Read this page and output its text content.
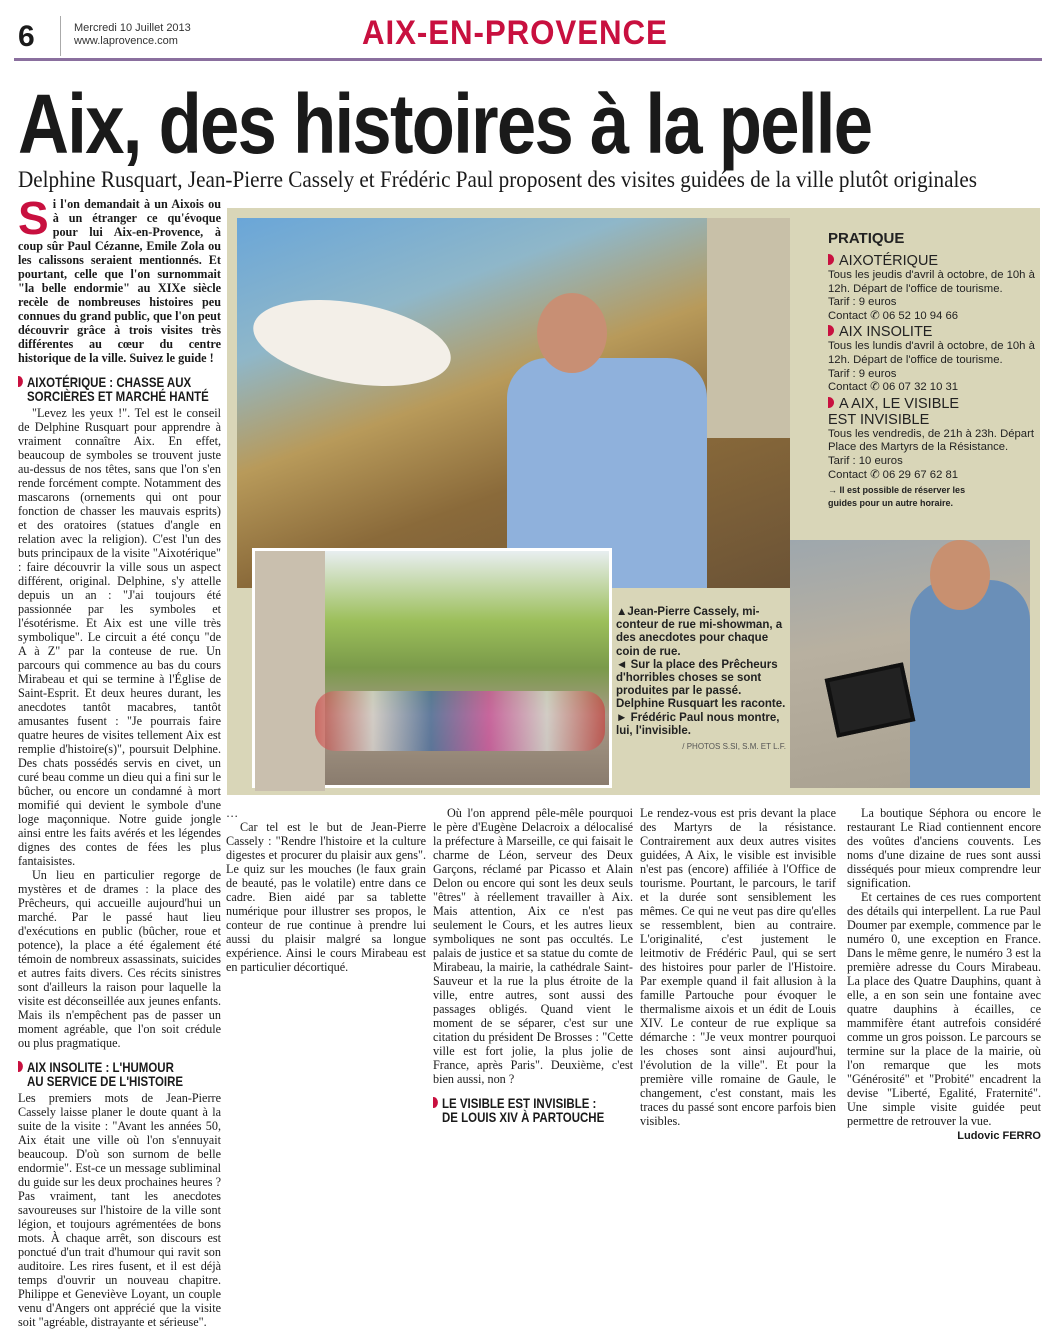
6	Mercredi 10 Juillet 2013
www.laprovence.com	AIX-EN-PROVENCE
Aix, des histoires à la pelle
Delphine Rusquart, Jean-Pierre Cassely et Frédéric Paul proposent des visites guidées de la ville plutôt originales

Si l'on demandait à un Aixois ou à un étranger ce qu'évoque pour lui Aix-en-Provence, à coup sûr Paul Cézanne, Emile Zola ou les calissons seraient mentionnés. Et pourtant, celle que l'on surnommait "la belle endormie" au XIXe siècle recèle de nombreuses histoires peu connues du grand public, que l'on peut découvrir grâce à trois visites très différentes au cœur du centre historique de la ville. Suivez le guide !

AIXOTÉRIQUE : CHASSE AUX
SORCIÈRES ET MARCHÉ HANTÉ

"Levez les yeux !". Tel est le conseil de Delphine Rusquart pour apprendre à vraiment connaître Aix. En effet, beaucoup de symboles se trouvent juste au-dessus de nos têtes, sans que l'on s'en rende forcément compte. Notamment des mascarons (ornements qui ont pour fonction de chasser les mauvais esprits) et des oratoires (statues d'angle en relation avec la religion). C'est l'un des buts principaux de la visite "Aixotérique" : faire découvrir la ville sous un aspect différent, original. Delphine, s'y attelle depuis un an : "J'ai toujours été passionnée par les symboles et l'ésotérisme. Et Aix est une ville très symbolique". Le circuit a été conçu "de A à Z" par la conteuse de rue. Un parcours qui commence au bas du cours Mirabeau et qui se termine à l'Église de Saint-Esprit. Et deux heures durant, les anecdotes tantôt macabres, tantôt amusantes fusent : "Je pourrais faire quatre heures de visites tellement Aix est remplie d'histoire(s)", poursuit Delphine. Des chats possédés servis en civet, un curé beau comme un dieu qui a fini sur le bûcher, ou encore un condamné à mort momifié qui devient le symbole d'une loge maçonnique. Notre guide jongle ainsi entre les faits avérés et les légendes dignes des contes de fées les plus fantaisistes.

Un lieu en particulier regorge de mystères et de drames : la place des Prêcheurs, qui accueille aujourd'hui un marché. Par le passé haut lieu d'exécutions en public (bûcher, roue et potence), la place a été également été témoin de nombreux assassinats, suicides et autres faits divers. Ces récits sinistres sont d'ailleurs la raison pour laquelle la visite est déconseillée aux jeunes enfants. Mais ils n'empêchent pas de passer un moment agréable, que l'on soit crédule ou plus pragmatique.

AIX INSOLITE : L'HUMOUR
AU SERVICE DE L'HISTOIRE

Les premiers mots de Jean-Pierre Cassely laisse planer le doute quant à la suite de la visite : "Avant les années 50, Aix était une ville où l'on s'ennuyait beaucoup. D'où son surnom de belle endormie". Est-ce un message subliminal du guide sur les deux prochaines heures ? Pas vraiment, tant les anecdotes savoureuses sur l'histoire de la ville sont légion, et toujours agrémentées de bons mots. À chaque arrêt, son discours est ponctué d'un trait d'humour qui ravit son auditoire. Les rires fusent, et il est déjà temps d'ouvrir un nouveau chapitre. Philippe et Geneviève Loyant, un couple venu d'Angers ont apprécié que la visite soit "agréable, distrayante et sérieuse".

PRATIQUE
AIXOTÉRIQUE
Tous les jeudis d'avril à octobre, de 10h à 12h. Départ de l'office de tourisme.
Tarif : 9 euros
Contact ✆ 06 52 10 94 66
AIX INSOLITE
Tous les lundis d'avril à octobre, de 10h à 12h. Départ de l'office de tourisme.
Tarif : 9 euros
Contact ✆ 06 07 32 10 31
A AIX, LE VISIBLE EST INVISIBLE
Tous les vendredis, de 21h à 23h. Départ Place des Martyrs de la Résistance.
Tarif : 10 euros
Contact ✆ 06 29 67 62 81
→ Il est possible de réserver les guides pour un autre horaire.
▲Jean-Pierre Cassely, mi-conteur de rue mi-showman, a des anecdotes pour chaque coin de rue.
◄ Sur la place des Prêcheurs d'horribles choses se sont produites par le passé. Delphine Rusquart les raconte.
► Frédéric Paul nous montre, lui, l'invisible.
/ PHOTOS S.SI, S.M. ET L.F.

…

Car tel est le but de Jean-Pierre Cassely : "Rendre l'histoire et la culture digestes et procurer du plaisir aux gens". Le quiz sur les mouches (le faux grain de beauté, pas le volatile) entre dans ce cadre. Bien aidé par sa tablette numérique pour illustrer ses propos, le conteur de rue continue à prendre lui aussi du plaisir malgré sa longue expérience. Ainsi le cours Mirabeau est en particulier décortiqué.

Où l'on apprend pêle-mêle pourquoi le père d'Eugène Delacroix a délocalisé la préfecture à Marseille, ce qui faisait le charme de Léon, serveur des Deux Garçons, réclamé par Picasso et Alain Delon ou encore qui sont les deux seuls "êtres" à réellement travailler à Aix. Mais attention, Aix ce n'est pas seulement le Cours, et les autres lieux symboliques ne sont pas occultés. Le palais de justice et sa statue du comte de Mirabeau, la mairie, la cathédrale Saint-Sauveur et la rue la plus étroite de la ville, entre autres, sont aussi des passages obligés. Quand vient le moment de se séparer, c'est sur une citation du président De Brosses : "Cette ville est fort jolie, la plus jolie de France, après Paris". Deuxième, c'est bien aussi, non ?

LE VISIBLE EST INVISIBLE :
DE LOUIS XIV À PARTOUCHE

Le rendez-vous est pris devant la place des Martyrs de la résistance. Contrairement aux deux autres visites guidées, A Aix, le visible est invisible n'est pas (encore) affiliée à l'Office de tourisme. Pourtant, le parcours, le tarif et la durée sont sensiblement les mêmes. Ce qui ne veut pas dire qu'elles se ressemblent, bien au contraire. L'originalité, c'est justement le leitmotiv de Frédéric Paul, qui se sert des histoires pour parler de l'Histoire. Par exemple quand il fait allusion à la famille Partouche pour évoquer le thermalisme aixois et un édit de Louis XIV. Le conteur de rue explique sa démarche : "Je veux montrer pourquoi les choses sont ainsi aujourd'hui, l'évolution de la ville". Et pour la première ville romaine de Gaule, le changement, c'est constant, mais les traces du passé sont encore parfois bien visibles.

La boutique Séphora ou encore le restaurant Le Riad contiennent encore des voûtes d'anciens couvents. Les noms d'une dizaine de rues sont aussi disséqués pour mieux comprendre leur signification.

Et certaines de ces rues comportent des détails qui interpellent. La rue Paul Doumer par exemple, commence par le numéro 0, une exception en France. Dans le même genre, le numéro 3 est la première adresse du Cours Mirabeau. La place des Quatre Dauphins, quant à elle, a en son sein une fontaine avec quatre dauphins à écailles, ce mammifère étant autrefois considéré comme un gros poisson. Le parcours se termine sur la place de la mairie, où l'on remarque que les mots "Générosité" et "Probité" encadrent la devise "Liberté, Egalité, Fraternité". Une simple visite guidée peut permettre de retrouver la vue.

Ludovic FERRO
